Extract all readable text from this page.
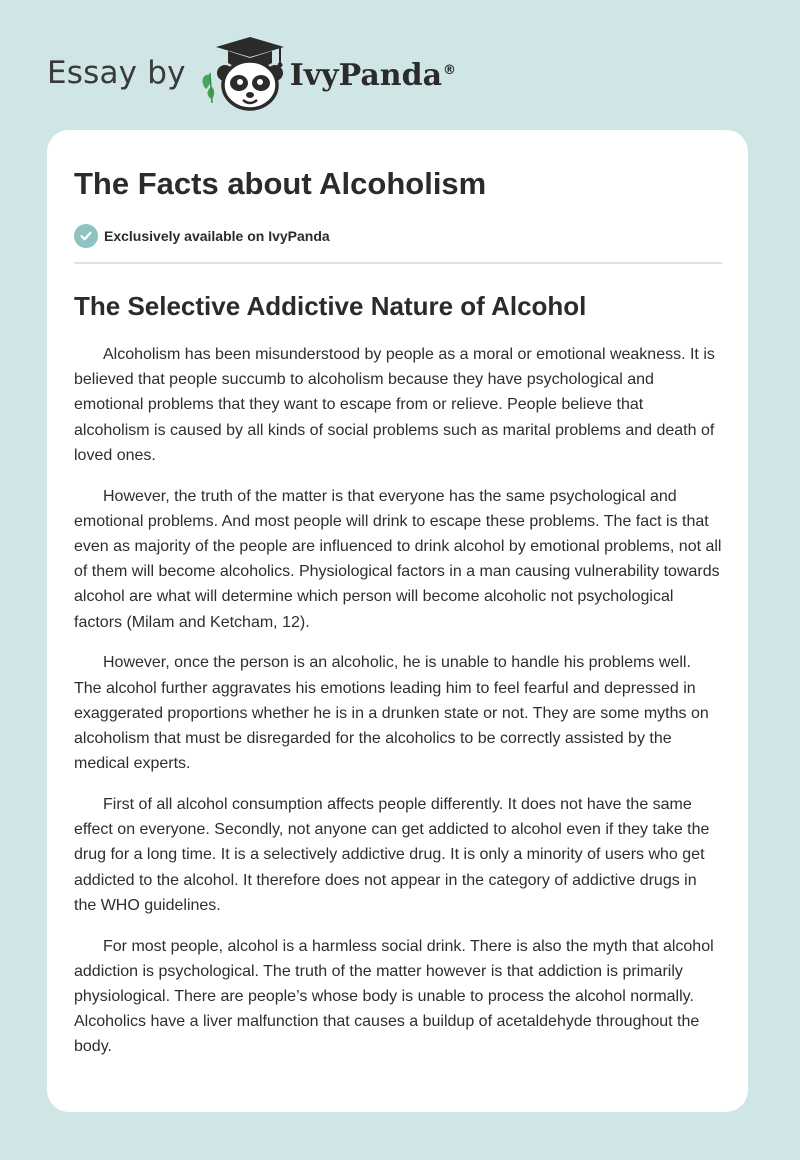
Essay by	IvyPanda®
The Facts about Alcoholism
Exclusively available on IvyPanda
The Selective Addictive Nature of Alcohol

Alcoholism has been misunderstood by people as a moral or emotional weakness. It is believed that people succumb to alcoholism because they have psychological and emotional problems that they want to escape from or relieve. People believe that alcoholism is caused by all kinds of social problems such as marital problems and death of loved ones.

However, the truth of the matter is that everyone has the same psychological and emotional problems. And most people will drink to escape these problems. The fact is that even as majority of the people are influenced to drink alcohol by emotional problems, not all of them will become alcoholics. Physiological factors in a man causing vulnerability towards alcohol are what will determine which person will become alcoholic not psychological factors (Milam and Ketcham, 12).

However, once the person is an alcoholic, he is unable to handle his problems well. The alcohol further aggravates his emotions leading him to feel fearful and depressed in exaggerated proportions whether he is in a drunken state or not. They are some myths on alcoholism that must be disregarded for the alcoholics to be correctly assisted by the medical experts.

First of all alcohol consumption affects people differently. It does not have the same effect on everyone. Secondly, not anyone can get addicted to alcohol even if they take the drug for a long time. It is a selectively addictive drug. It is only a minority of users who get addicted to the alcohol. It therefore does not appear in the category of addictive drugs in the WHO guidelines.

For most people, alcohol is a harmless social drink. There is also the myth that alcohol addiction is psychological. The truth of the matter however is that addiction is primarily physiological. There are people’s whose body is unable to process the alcohol normally. Alcoholics have a liver malfunction that causes a buildup of acetaldehyde throughout the body.
